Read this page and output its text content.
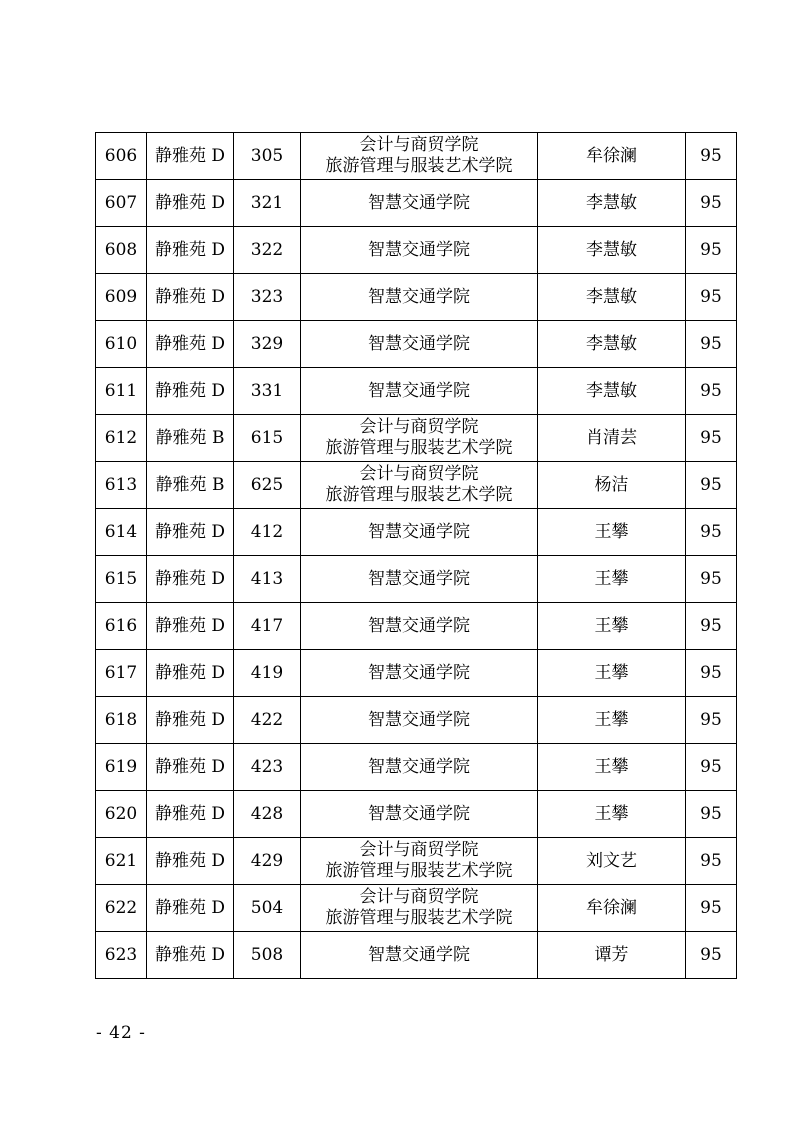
606	静雅苑 D	305	会计与商贸学院
旅游管理与服装艺术学院	牟徐澜	95
607	静雅苑 D	321	智慧交通学院	李慧敏	95
608	静雅苑 D	322	智慧交通学院	李慧敏	95
609	静雅苑 D	323	智慧交通学院	李慧敏	95
610	静雅苑 D	329	智慧交通学院	李慧敏	95
611	静雅苑 D	331	智慧交通学院	李慧敏	95
612	静雅苑 B	615	会计与商贸学院
旅游管理与服装艺术学院	肖清芸	95
613	静雅苑 B	625	会计与商贸学院
旅游管理与服装艺术学院	杨洁	95
614	静雅苑 D	412	智慧交通学院	王攀	95
615	静雅苑 D	413	智慧交通学院	王攀	95
616	静雅苑 D	417	智慧交通学院	王攀	95
617	静雅苑 D	419	智慧交通学院	王攀	95
618	静雅苑 D	422	智慧交通学院	王攀	95
619	静雅苑 D	423	智慧交通学院	王攀	95
620	静雅苑 D	428	智慧交通学院	王攀	95
621	静雅苑 D	429	会计与商贸学院
旅游管理与服装艺术学院	刘文艺	95
622	静雅苑 D	504	会计与商贸学院
旅游管理与服装艺术学院	牟徐澜	95
623	静雅苑 D	508	智慧交通学院	谭芳	95
- 42 -
